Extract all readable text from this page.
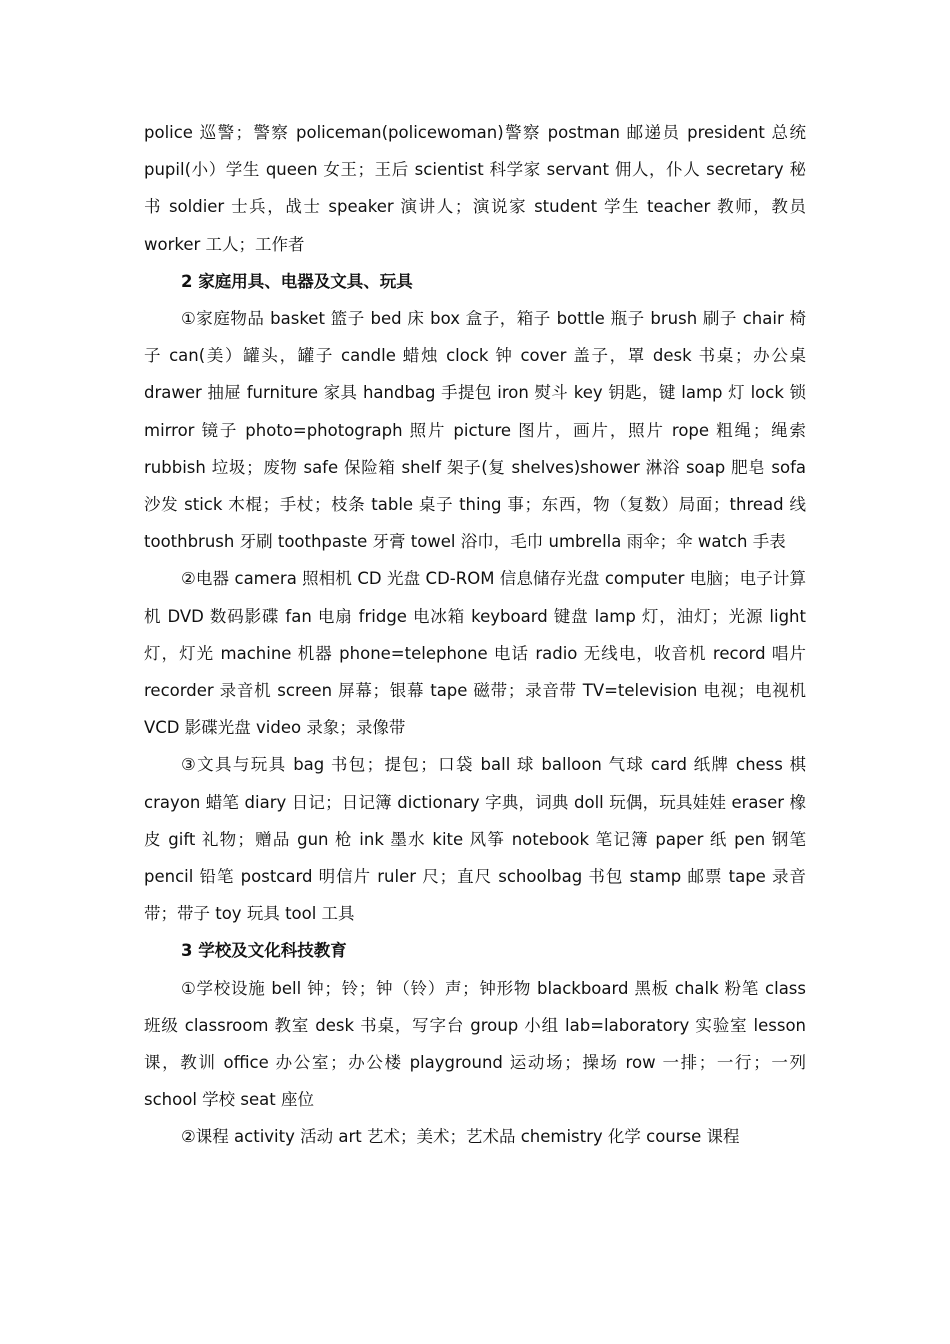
police 巡警；警察 policeman(policewoman)警察 postman 邮递员 president 总统 pupil(小）学生 queen 女王；王后 scientist 科学家 servant 佣人，仆人 secretary 秘书 soldier 士兵，战士 speaker 演讲人；演说家 student 学生 teacher 教师，教员 worker 工人；工作者

2 家庭用具、电器及文具、玩具

①家庭物品 basket 篮子 bed 床 box 盒子，箱子 bottle 瓶子 brush 刷子 chair 椅子 can(美）罐头，罐子 candle 蜡烛 clock 钟 cover 盖子，罩 desk 书桌；办公桌 drawer 抽屉 furniture 家具 handbag 手提包 iron 熨斗 key 钥匙，键 lamp 灯 lock 锁 mirror 镜子 photo=photograph 照片 picture 图片，画片，照片 rope 粗绳；绳索 rubbish 垃圾；废物 safe 保险箱 shelf 架子(复 shelves)shower 淋浴 soap 肥皂 sofa 沙发 stick 木棍；手杖；枝条 table 桌子 thing 事；东西，物（复数）局面；thread 线 toothbrush 牙刷 toothpaste 牙膏 towel 浴巾，毛巾 umbrella 雨伞；伞 watch 手表

②电器 camera 照相机 CD 光盘 CD-ROM 信息储存光盘 computer 电脑；电子计算机 DVD 数码影碟 fan 电扇 fridge 电冰箱 keyboard 键盘 lamp 灯，油灯；光源 light 灯，灯光 machine 机器 phone=telephone 电话 radio 无线电，收音机 record 唱片 recorder 录音机 screen 屏幕；银幕 tape 磁带；录音带 TV=television 电视；电视机 VCD 影碟光盘 video 录象；录像带

③文具与玩具 bag 书包；提包；口袋 ball 球 balloon 气球 card 纸牌 chess 棋 crayon 蜡笔 diary 日记；日记簿 dictionary 字典，词典 doll 玩偶，玩具娃娃 eraser 橡皮 gift 礼物；赠品 gun 枪 ink 墨水 kite 风筝 notebook 笔记簿 paper 纸 pen 钢笔 pencil 铅笔 postcard 明信片 ruler 尺；直尺 schoolbag 书包 stamp 邮票 tape 录音带；带子 toy 玩具 tool 工具

3 学校及文化科技教育

①学校设施 bell 钟；铃；钟（铃）声；钟形物 blackboard 黑板 chalk 粉笔 class 班级 classroom 教室 desk 书桌，写字台 group 小组 lab=laboratory 实验室 lesson 课，教训 office 办公室；办公楼 playground 运动场；操场 row 一排；一行；一列 school 学校 seat 座位

②课程 activity 活动 art 艺术；美术；艺术品 chemistry 化学 course 课程
